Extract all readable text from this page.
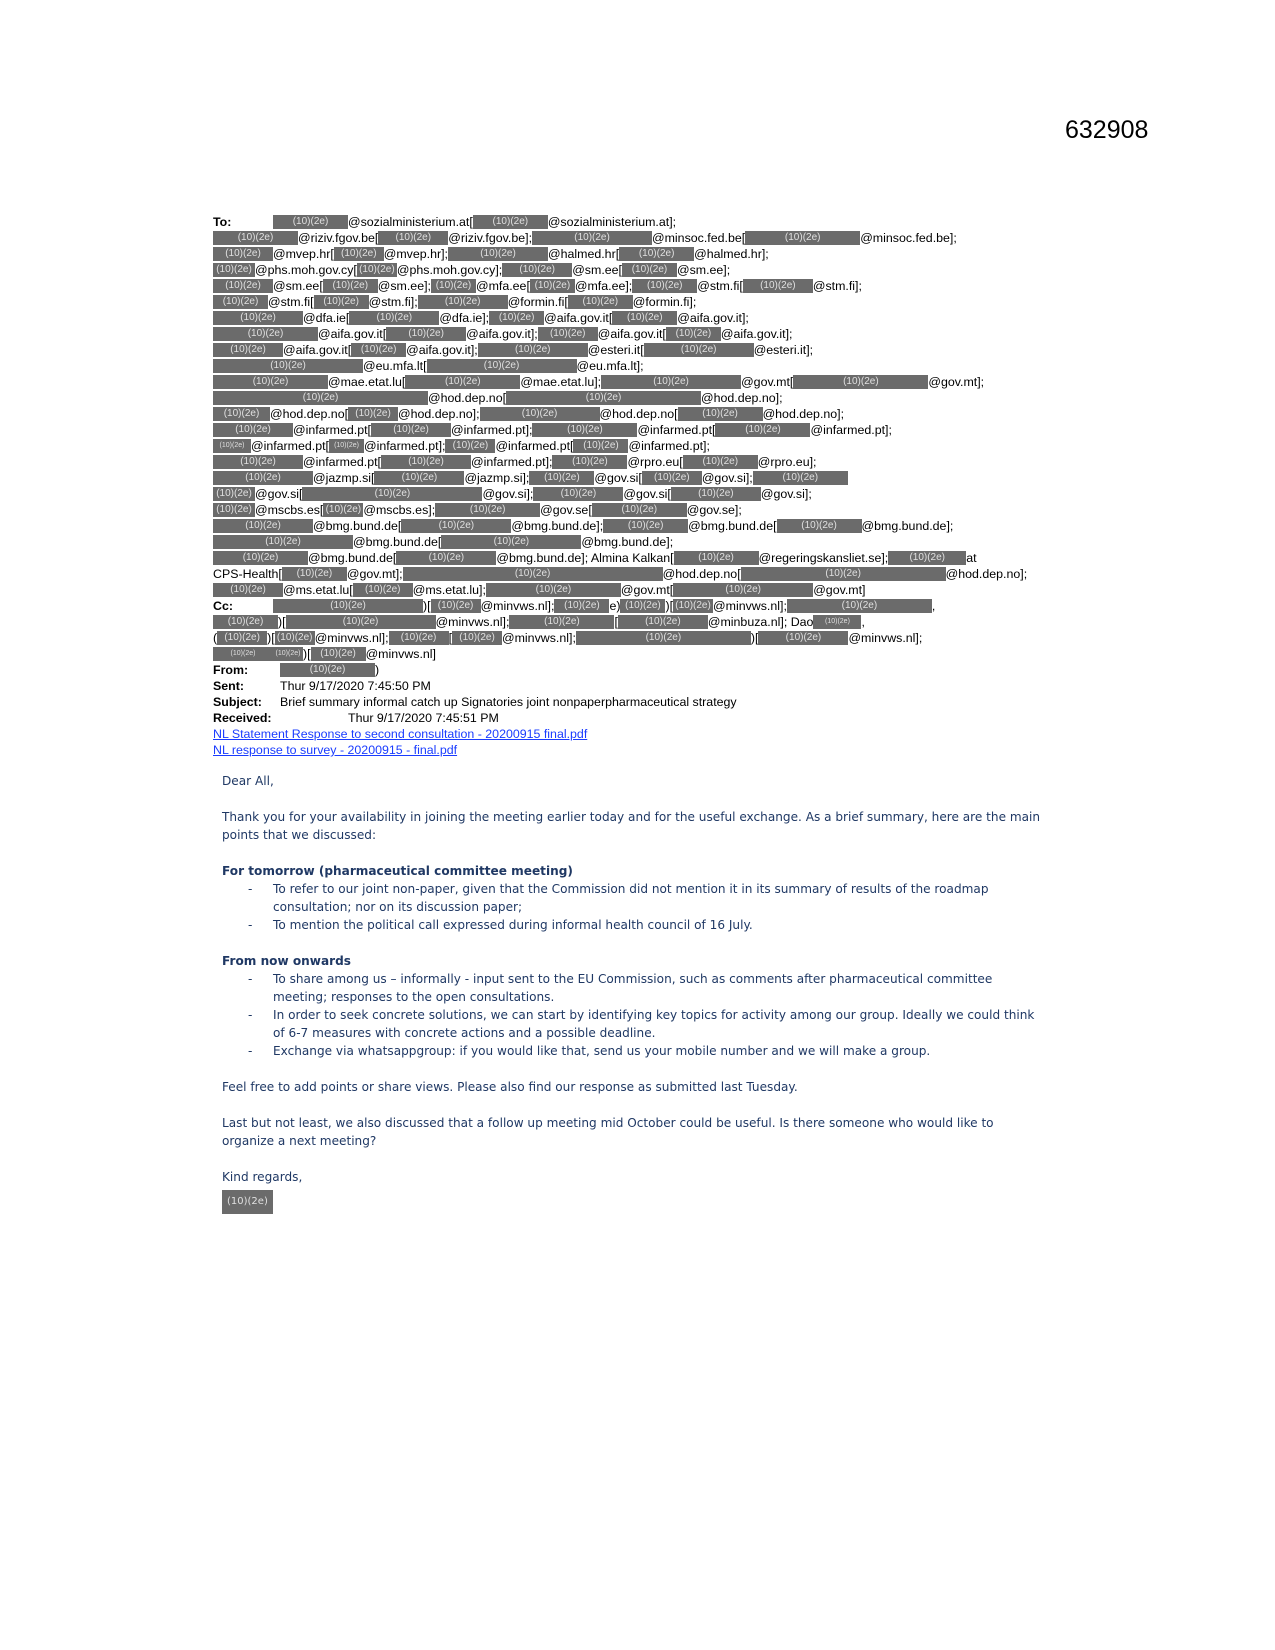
632908
To:	(10)(2e) @sozialministerium.at[ (10)(2e) @sozialministerium.at];
(10)(2e) @riziv.fgov.be[ (10)(2e) @riziv.fgov.be];	(10)(2e)	@minsoc.fed.be[	(10)(2e)	@minsoc.fed.be];
(10)(2e) @mvep.hr[ (10)(2e) @mvep.hr];	(10)(2e)	@halmed.hr[ (10)(2e) @halmed.hr];
(10)(2e) @phs.moh.gov.cy[ (10)(2e) @phs.moh.gov.cy]; (10)(2e) @sm.ee[ (10)(2e) @sm.ee];
(10)(2e) @sm.ee[ (10)(2e) @sm.ee]; (10)(2e) @mfa.ee[ (10)(2e) @mfa.ee]; (10)(2e) @stm.fi[ (10)(2e) @stm.fi];
(10)(2e) @stm.fi[ (10)(2e) @stm.fi];	(10)(2e) @formin.fi[ (10)(2e) @formin.fi];
(10)(2e) @dfa.ie[	(10)(2e) @dfa.ie]; (10)(2e) @aifa.gov.it[ (10)(2e) @aifa.gov.it];
(10)(2e)	@aifa.gov.it[ (10)(2e) @aifa.gov.it]; (10)(2e) @aifa.gov.it[ (10)(2e) @aifa.gov.it];
(10)(2e) @aifa.gov.it[ (10)(2e) @aifa.gov.it];	(10)(2e)	@esteri.it[	(10)(2e)	@esteri.it];
(10)(2e)	@eu.mfa.lt[	(10)(2e)	@eu.mfa.lt];
(10)(2e)	@mae.etat.lu[	(10)(2e)	@mae.etat.lu];	(10)(2e)	@gov.mt[	(10)(2e)	@gov.mt];
(10)(2e)	@hod.dep.no[	(10)(2e)	@hod.dep.no];
(10)(2e) @hod.dep.no[ (10)(2e) @hod.dep.no];	(10)(2e)	@hod.dep.no[ (10)(2e) @hod.dep.no];
(10)(2e) @infarmed.pt[ (10)(2e) @infarmed.pt];	(10)(2e)	@infarmed.pt[	(10)(2e) @infarmed.pt];
(10)(2e) @infarmed.pt[ (10)(2e) @infarmed.pt]; (10)(2e) @infarmed.pt[ (10)(2e) @infarmed.pt];
(10)(2e) @infarmed.pt[	(10)(2e) @infarmed.pt]; (10)(2e) @rpro.eu[ (10)(2e) @rpro.eu];
(10)(2e)	@jazmp.si[	(10)(2e) @jazmp.si]; (10)(2e) @gov.si[ (10)(2e) @gov.si];	(10)(2e)
(10)(2e) @gov.si[	(10)(2e)	@gov.si];	(10)(2e) @gov.si[	(10)(2e) @gov.si];
(10)(2e) @mscbs.es[ (10)(2e) @mscbs.es];	(10)(2e)	@gov.se[	(10)(2e) @gov.se];
(10)(2e)	@bmg.bund.de[	(10)(2e)	@bmg.bund.de]; (10)(2e) @bmg.bund.de[ (10)(2e) @bmg.bund.de];
(10)(2e)	@bmg.bund.de[	(10)(2e)	@bmg.bund.de];
(10)(2e) @bmg.bund.de[	(10)(2e)	@bmg.bund.de]; Almina Kalkan[ (10)(2e) @regeringskansliet.se]; (10)(2e) at
CPS-Health[ (10)(2e) @gov.mt];	(10)(2e)	@hod.dep.no[	(10)(2e)	@hod.dep.no];
(10)(2e) @ms.etat.lu[ (10)(2e) @ms.etat.lu];	(10)(2e)	@gov.mt[	(10)(2e)	@gov.mt]
Cc:	(10)(2e)	)[ (10)(2e) @minvws.nl]; (10)(2e) e) (10)(2e) )[ (10)(2e) @minvws.nl];	(10)(2e)	,
(10)(2e) )[	(10)(2e)	@minvws.nl];	(10)(2e)	[	(10)(2e) @minbuza.nl]; Dao (10)(2e) ,
( (10)(2e) )[ (10)(2e) @minvws.nl]; (10)(2e) [ (10)(2e) @minvws.nl];	(10)(2e)	)[	(10)(2e) @minvws.nl];
(10)(2e)	(10)(2e) )[ (10)(2e) @minvws.nl]
From:	(10)(2e) )
Sent:	Thur 9/17/2020 7:45:50 PM
Subject: Brief summary informal catch up Signatories joint nonpaperpharmaceutical strategy
Received:	Thur 9/17/2020 7:45:51 PM
NL Statement Response to second consultation - 20200915 final.pdf
NL response to survey - 20200915 - final.pdf

Dear All,

Thank you for your availability in joining the meeting earlier today and for the useful exchange. As a brief summary, here are the main points that we discussed:

For tomorrow (pharmaceutical committee meeting)

- To refer to our joint non-paper, given that the Commission did not mention it in its summary of results of the roadmap consultation; nor on its discussion paper;
- To mention the political call expressed during informal health council of 16 July.

From now onwards

- To share among us – informally - input sent to the EU Commission, such as comments after pharmaceutical committee meeting; responses to the open consultations.
- In order to seek concrete solutions, we can start by identifying key topics for activity among our group. Ideally we could think of 6-7 measures with concrete actions and a possible deadline.
- Exchange via whatsappgroup: if you would like that, send us your mobile number and we will make a group.

Feel free to add points or share views. Please also find our response as submitted last Tuesday.

Last but not least, we also discussed that a follow up meeting mid October could be useful. Is there someone who would like to organize a next meeting?

Kind regards,

(10)(2e)
